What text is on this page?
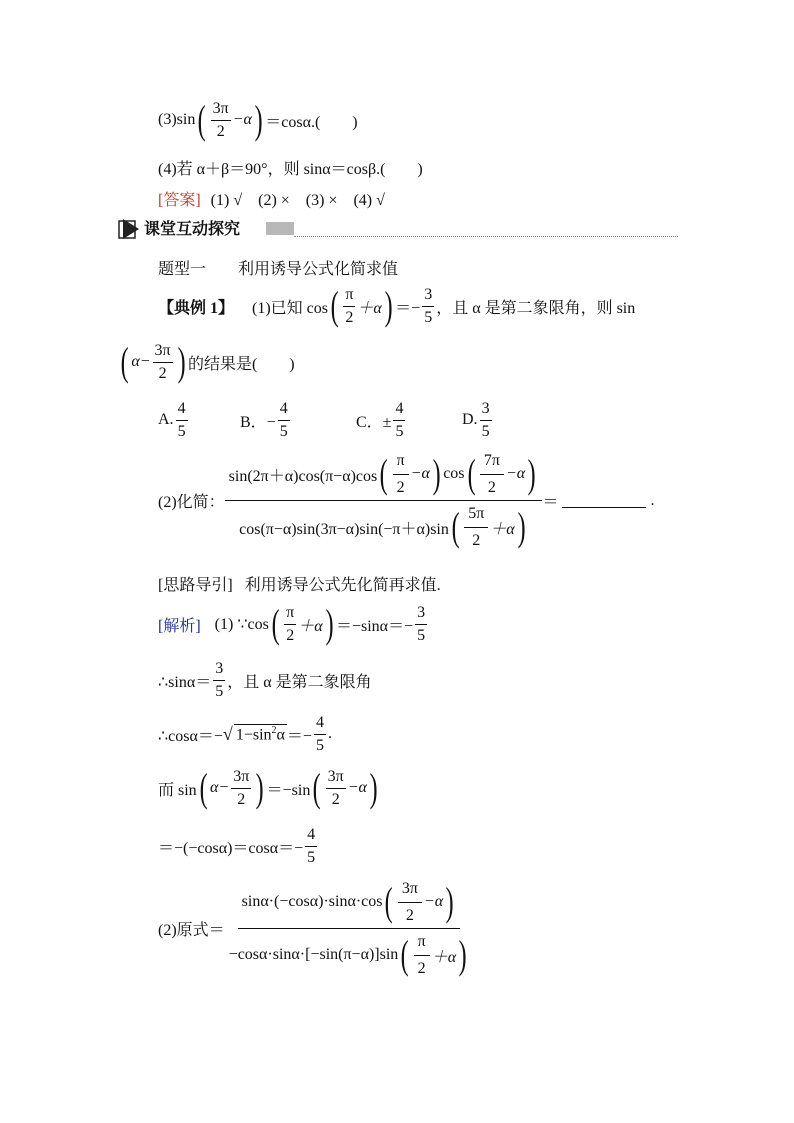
(3)sin ( $\frac{3\pi}{2} -\alpha$ ) ＝cosα.(　　)
(4)若 α＋β＝90°，则 sinα＝cosβ.(　　)
[答案] (1) √　(2) ×　(3) ×　(4) √
课堂互动探究
题型一　　利用诱导公式化简求值
【典例 1】 (1)已知 cos ( $\frac{\pi}{2} +\alpha$ ) ＝− $\frac{3}{5}$ ，且 α 是第二象限角，则 sin
( $\alpha- \frac{3\pi}{2}$ ) 的结果是(　　)
A. $\frac{4}{5}$	B．− $\frac{4}{5}$	C．± $\frac{4}{5}$	D. $\frac{3}{5}$
(2)化简：
sin(2π＋α)cos(π−α)cos ( $\frac{\pi}{2} -\alpha$ ) cos ( $\frac{7\pi}{2} -\alpha$ )
cos(π−α)sin(3π−α)sin(−π＋α)sin ( $\frac{5\pi}{2} +\alpha$ )
＝	.
[思路导引] 利用诱导公式先化简再求值.
[解析] (1) ∵cos ( $\frac{\pi}{2} +\alpha$ ) $=-\sin\alpha=- \frac{3}{5}$
∴sinα＝ $\frac{3}{5}$ ，且 α 是第二象限角
∴cosα＝− √ $1-\sin^2\alpha =- \frac{4}{5}$ .
而 sin ( $\alpha- \frac{3\pi}{2}$ ) ＝−sin ( $\frac{3\pi}{2} -\alpha$ )
$=-(-\cos\alpha)=\cos\alpha=- \frac{4}{5}$
(2)原式＝
sinα·(−cosα)·sinα·cos ( $\frac{3\pi}{2} -\alpha$ )
−cosα·sinα·[−sin(π−α)]sin ( $\frac{\pi}{2} +\alpha$ )
